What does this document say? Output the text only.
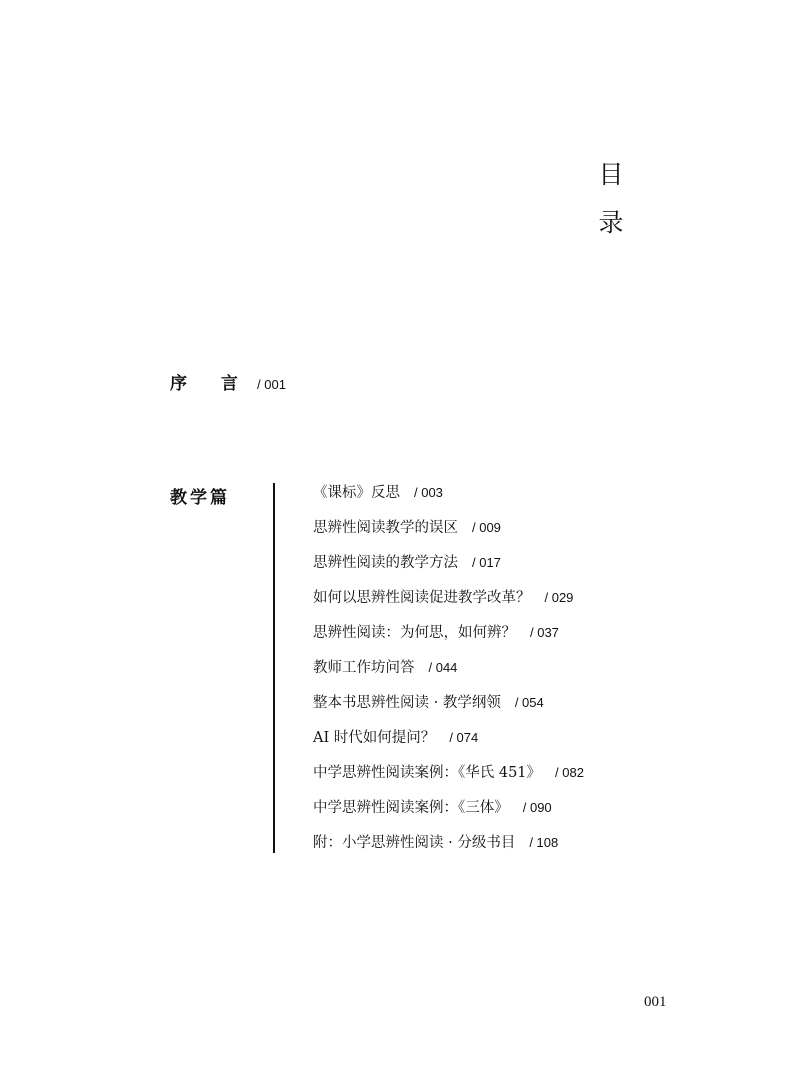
目
录
序 言 / 001
教学篇	《课标》反思 / 003
思辨性阅读教学的误区 / 009
思辨性阅读的教学方法 / 017
如何以思辨性阅读促进教学改革？ / 029
思辨性阅读：为何思，如何辨？ / 037
教师工作坊问答 / 044
整本书思辨性阅读 · 教学纲领 / 054
AI 时代如何提问？ / 074
中学思辨性阅读案例：《华氏 451》 / 082
中学思辨性阅读案例：《三体》 / 090
附：小学思辨性阅读 · 分级书目 / 108
001
